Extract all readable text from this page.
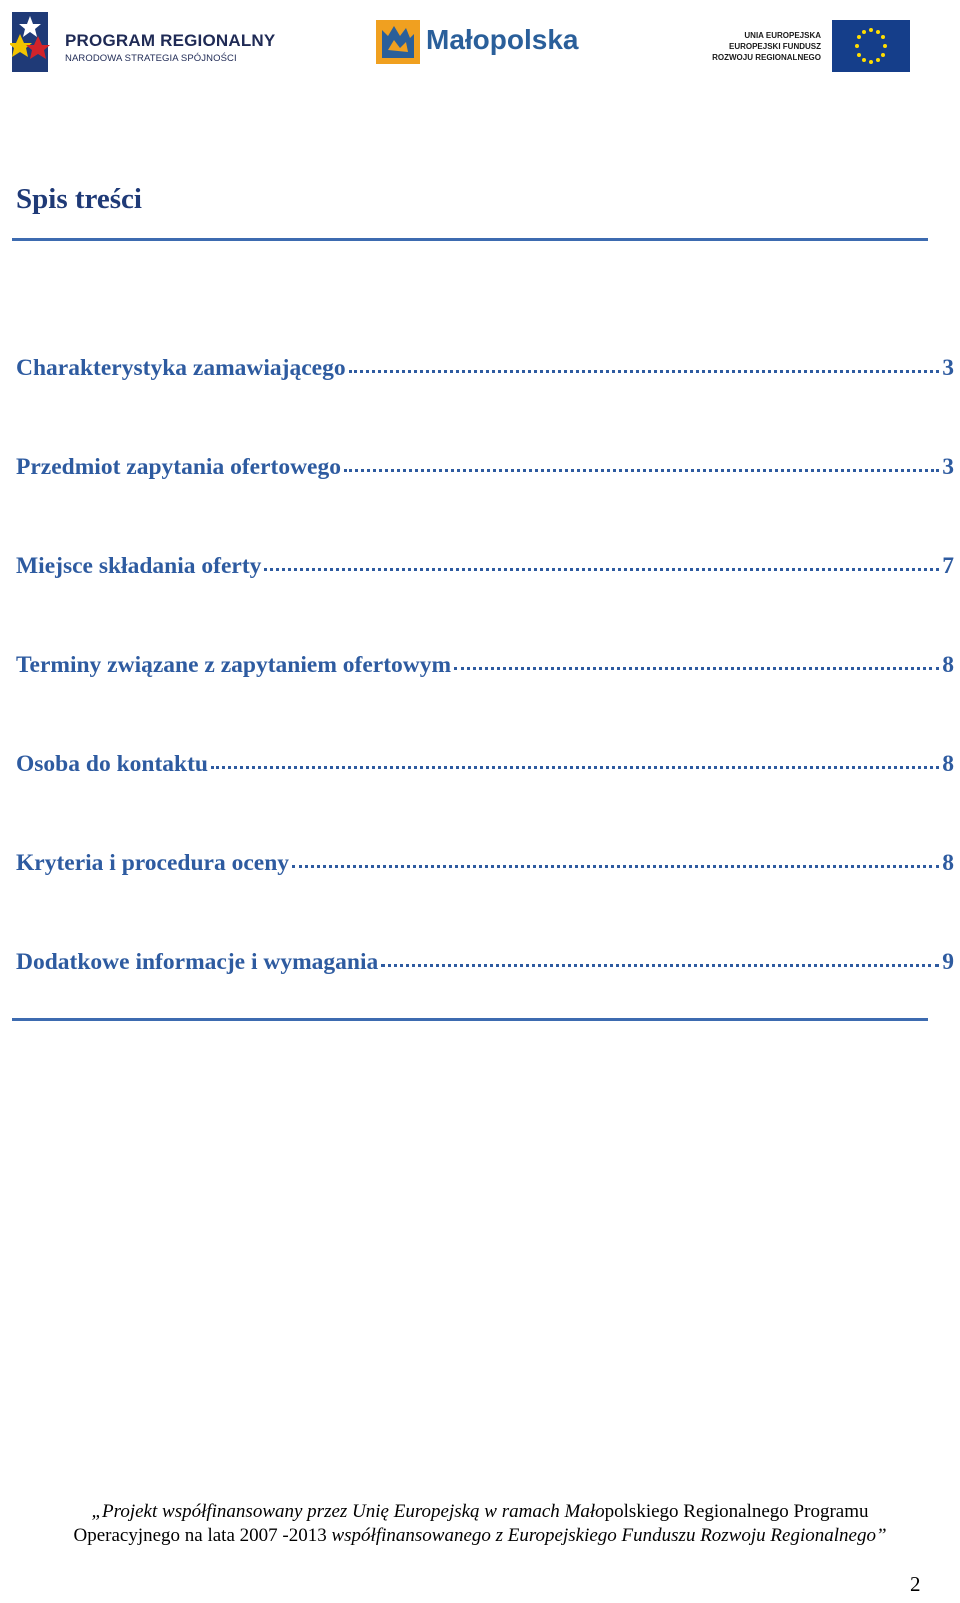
PROGRAM REGIONALNY
NARODOWA STRATEGIA SPÓJNOŚCI
Małopolska	UNIA EUROPEJSKA
EUROPEJSKI FUNDUSZ
ROZWOJU REGIONALNEGO
Spis treści
Charakterystyka zamawiającego	3
Przedmiot zapytania ofertowego	3
Miejsce składania oferty	7
Terminy związane z zapytaniem ofertowym	8
Osoba do kontaktu	8
Kryteria i procedura oceny	8
Dodatkowe informacje i wymagania	9
„Projekt współfinansowany przez Unię Europejską w ramach Małopolskiego Regionalnego Programu
Operacyjnego na lata 2007 -2013 współfinansowanego z Europejskiego Funduszu Rozwoju Regionalnego”
2
